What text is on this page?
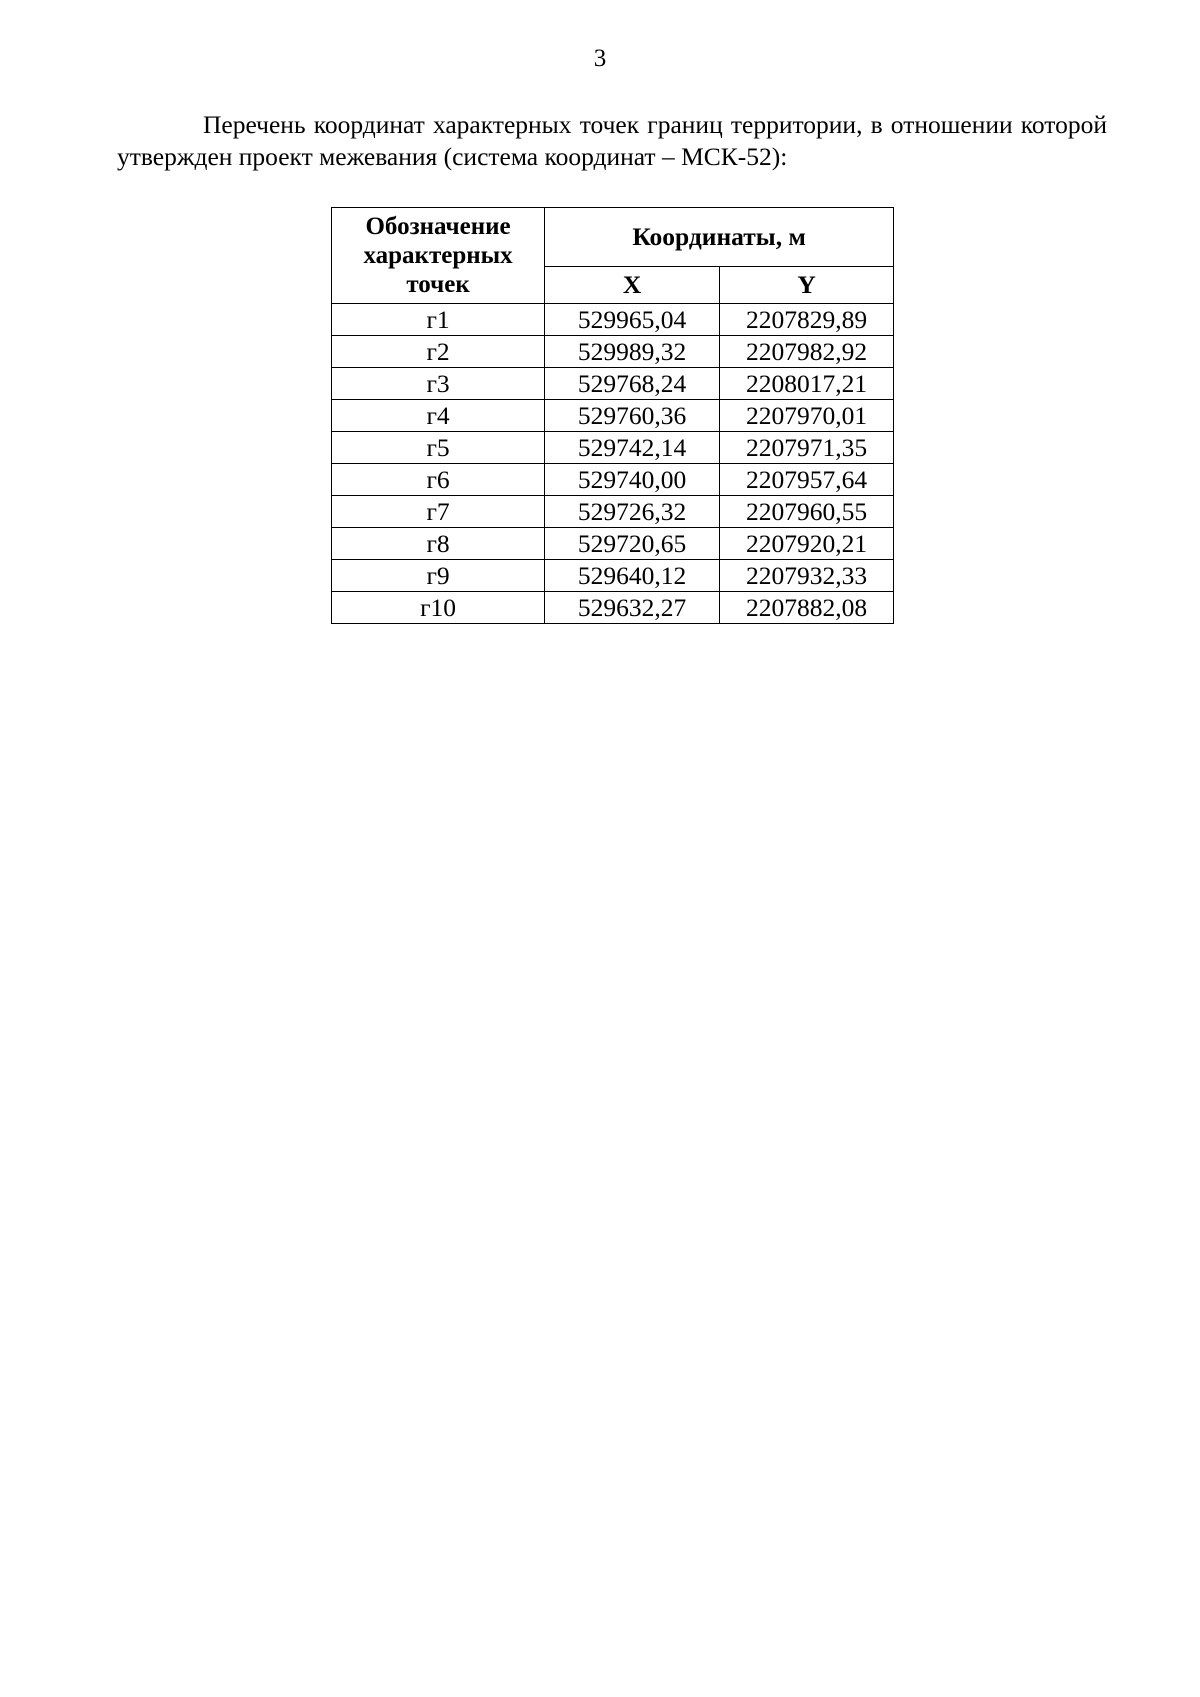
3

Перечень координат характерных точек границ территории, в отношении которой утвержден проект межевания (система координат – МСК-52):

Обозначение характерных точек	Координаты, м	
	X	Y
г1	529965,04	2207829,89
г2	529989,32	2207982,92
г3	529768,24	2208017,21
г4	529760,36	2207970,01
г5	529742,14	2207971,35
г6	529740,00	2207957,64
г7	529726,32	2207960,55
г8	529720,65	2207920,21
г9	529640,12	2207932,33
г10	529632,27	2207882,08
